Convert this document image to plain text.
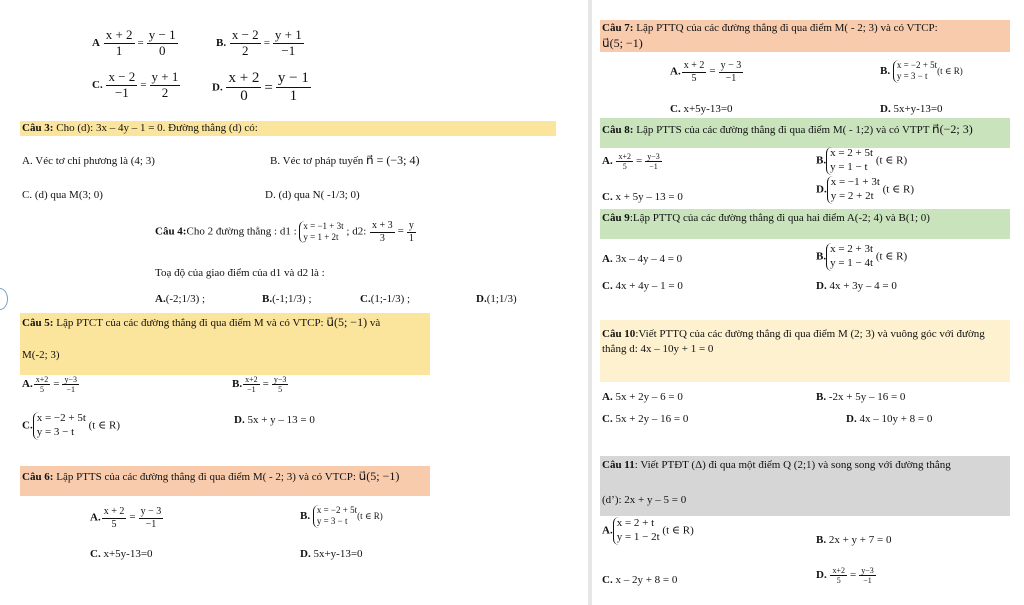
A $\frac{x + 2}{1} = \frac{y - 1}{0}$	B. $\frac{x - 2}{2} = \frac{y + 1}{-1}$
C. $\frac{x - 2}{-1} = \frac{y + 1}{2}$	D. $\frac{x + 2}{0} = \frac{y - 1}{1}$
Câu 3: Cho (d): 3x – 4y – 1 = 0. Đường thẳng (d) có:
A. Véc tơ chỉ phương là (4; 3)	B. Véc tơ pháp tuyến n⃗ = (−3; 4)
C. (d) qua M(3; 0)	D. (d) qua N( -1/3; 0)
Câu 4:Cho 2 đường thẳng : d1 : x = −1 + 3t
y = 1 + 2t ; d2: $\frac{x + 3}{3} = \frac{y}{1}$
Toạ độ của giao điểm của d1 và d2 là :
A.(-2;1/3) ;	B.(-1;1/3) ;	C.(1;-1/3) ;	D.(1;1/3)
Câu 5: Lập PTCT của các đường thẳng đi qua điểm M và có VTCP: u⃗(5; −1) và
M(-2; 3)
A. $\frac{x+2}{5} = \frac{y-3}{-1}$	B. $\frac{x+2}{-1} = \frac{y-3}{5}$
C.
x = −2 + 5t
y = 3 − t
(t ∈ R)	D. 5x + y – 13 = 0
Câu 6: Lập PTTS của các đường thẳng đi qua điểm M( - 2; 3) và có VTCP: u⃗(5; −1)
A. $\frac{x + 2}{5} = \frac{y - 3}{-1}$	B. x = −2 + 5t
y = 3 − t
(t ∈ R)
C. x+5y-13=0	D. 5x+y-13=0
Câu 7: Lập PTTQ của các đường thẳng đi qua điểm M( - 2; 3) và có VTCP:
u⃗(5; −1)
A. $\frac{x + 2}{5} = \frac{y - 3}{-1}$	B. x = −2 + 5t
y = 3 − t
(t ∈ R)
C. x+5y-13=0	D. 5x+y-13=0
Câu 8: Lập PTTS của các đường thẳng đi qua điểm M( - 1;2) và có VTPT n⃗(−2; 3)
A. $\frac{x+2}{5} = \frac{y-3}{-1}$	B.
x = 2 + 5t
y = 1 − t
(t ∈ R)
C. x + 5y – 13 = 0
D.
x = −1 + 3t
y = 2 + 2t
(t ∈ R)
Câu 9:Lập PTTQ của các đường thẳng đi qua hai điểm A(-2; 4) và B(1; 0)
A. 3x – 4y – 4 = 0	B.
x = 2 + 3t
y = 1 − 4t
(t ∈ R)
C. 4x + 4y – 1 = 0	D. 4x + 3y – 4 = 0
Câu 10:Viết PTTQ của các đường thẳng đi qua điểm M (2; 3) và vuông góc với đường
thẳng d: 4x – 10y + 1 = 0
A. 5x + 2y – 6 = 0	B. -2x + 5y – 16 = 0
C. 5x + 2y – 16 = 0	D. 4x – 10y + 8 = 0
Câu 11: Viết PTĐT (Δ) đi qua một điểm Q (2;1) và song song với đường thẳng
(d’): 2x + y – 5 = 0
A.
x = 2 + t
y = 1 − 2t
(t ∈ R)
B. 2x + y + 7 = 0
C. x – 2y + 8 = 0	D. $\frac{x+2}{5} = \frac{y-3}{-1}$
